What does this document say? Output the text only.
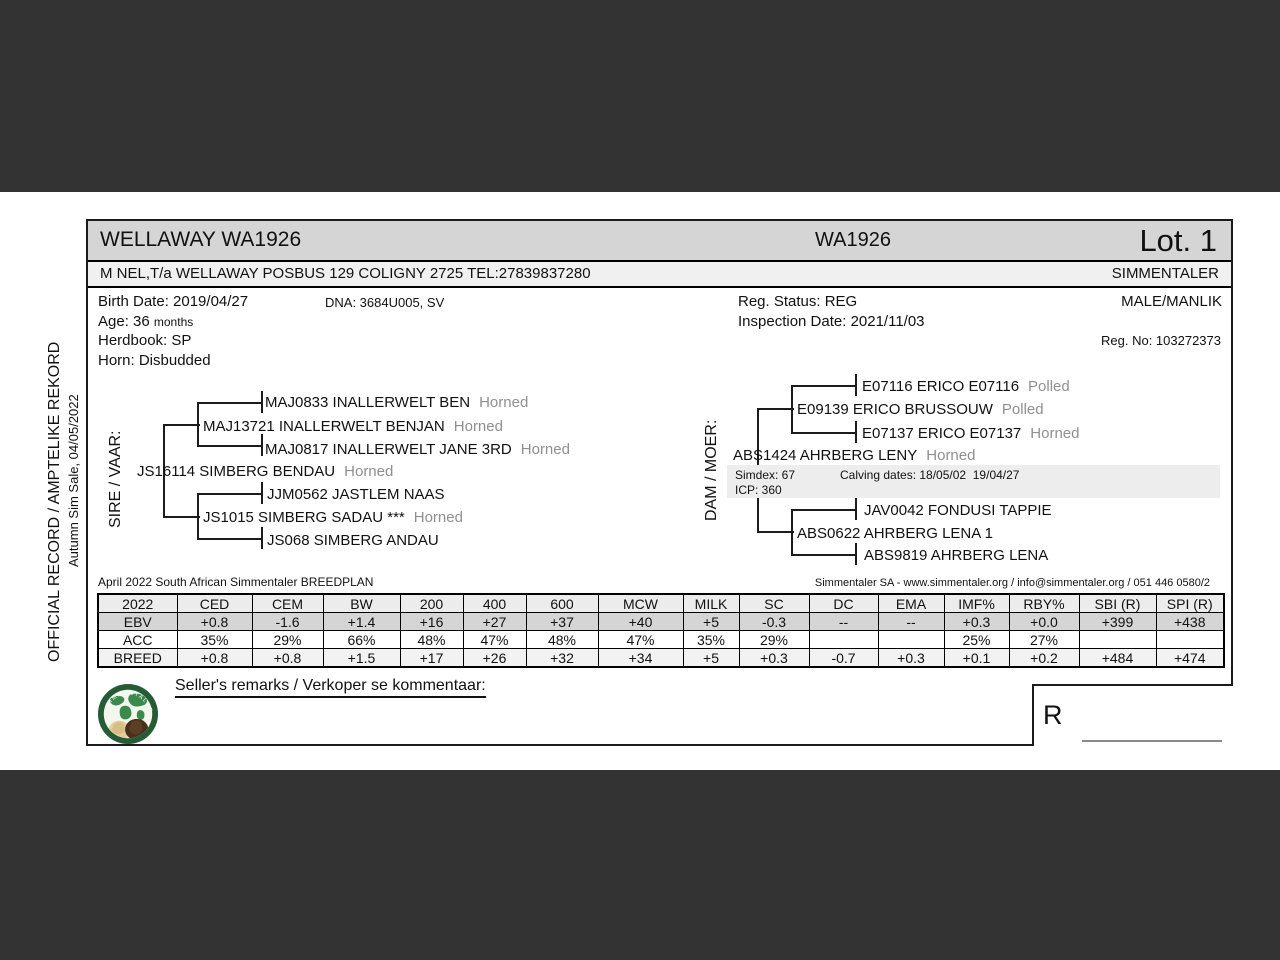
WELLAWAY WA1926	WA1926	Lot. 1
M NEL,T/a WELLAWAY POSBUS 129 COLIGNY 2725 TEL:27839837280	SIMMENTALER
OFFICIAL RECORD / AMPTELIKE REKORD Autumn Sim Sale, 04/05/2022
Birth Date: 2019/04/27	DNA: 3684U005, SV
Age: 36 months
Herdbook: SP
Horn: Disbudded
Reg. Status: REG
Inspection Date: 2021/11/03
MALE/MANLIK
Reg. No: 103272373
SIRE / VAAR:	DAM / MOER:
MAJ0833 INALLERWELT BEN Horned
MAJ13721 INALLERWELT BENJAN Horned
MAJ0817 INALLERWELT JANE 3RD Horned
JS16114 SIMBERG BENDAU Horned
JJM0562 JASTLEM NAAS
JS1015 SIMBERG SADAU *** Horned
JS068 SIMBERG ANDAU
E07116 ERICO E07116 Polled
E09139 ERICO BRUSSOUW Polled
E07137 ERICO E07137 Horned
ABS1424 AHRBERG LENY Horned
JAV0042 FONDUSI TAPPIE
ABS0622 AHRBERG LENA 1
ABS9819 AHRBERG LENA
Simdex: 67	Calving dates: 18/05/02  19/04/27
ICP: 360
April 2022 South African Simmentaler BREEDPLAN	Simmentaler SA - www.simmentaler.org / info@simmentaler.org / 051 446 0580/2
2022	CED	CEM	BW	200	400	600	MCW	MILK	SC	DC	EMA	IMF%	RBY%	SBI (R)	SPI (R)
EBV	+0.8	-1.6	+1.4	+16	+27	+37	+40	+5	-0.3	--	--	+0.3	+0.0	+399	+438
ACC	35%	29%	66%	48%	47%	48%	47%	35%	29%			25%	27%		
BREED	+0.8	+0.8	+1.5	+17	+26	+32	+34	+5	+0.3	-0.7	+0.3	+0.1	+0.2	+484	+474
SIMMENTALER
Seller's remarks / Verkoper se kommentaar:
R
